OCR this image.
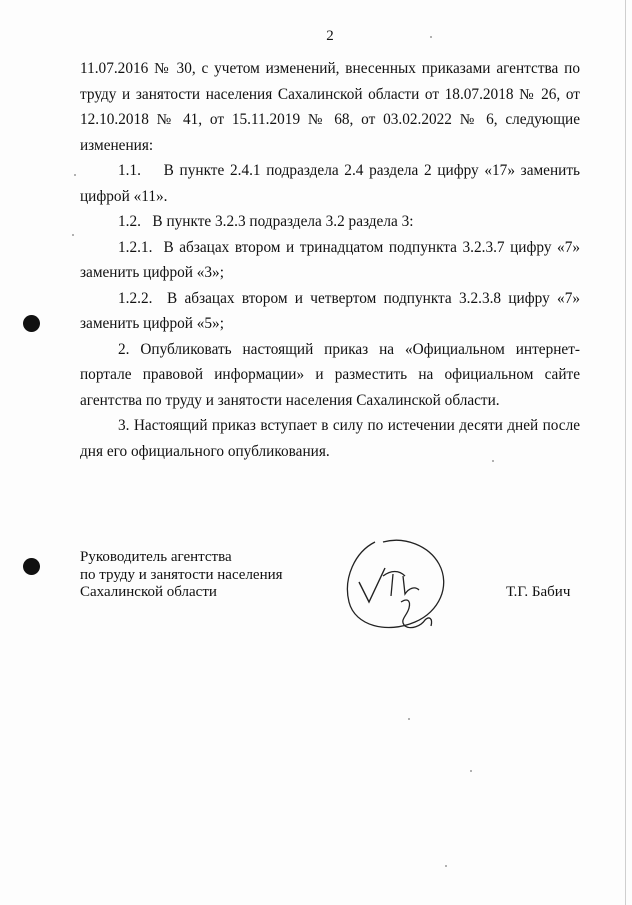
2

11.07.2016 № 30, с учетом изменений, внесенных приказами агентства по труду и занятости населения Сахалинской области от 18.07.2018 № 26, от 12.10.2018 № 41, от 15.11.2019 № 68, от 03.02.2022 № 6, следующие изменения:

1.1.    В пункте 2.4.1 подраздела 2.4 раздела 2 цифру «17» заменить цифрой «11».

1.2.   В пункте 3.2.3 подраздела 3.2 раздела 3:

1.2.1.  В абзацах втором и тринадцатом подпункта 3.2.3.7 цифру «7» заменить цифрой «3»;

1.2.2.  В абзацах втором и четвертом подпункта 3.2.3.8 цифру «7» заменить цифрой «5»;

2. Опубликовать настоящий приказ на «Официальном интернет-портале правовой информации» и разместить на официальном сайте агентства по труду и занятости населения Сахалинской области.

3. Настоящий приказ вступает в силу по истечении десяти дней после дня его официального опубликования.

Руководитель агентства
по труду и занятости населения
Сахалинской области	Т.Г. Бабич
